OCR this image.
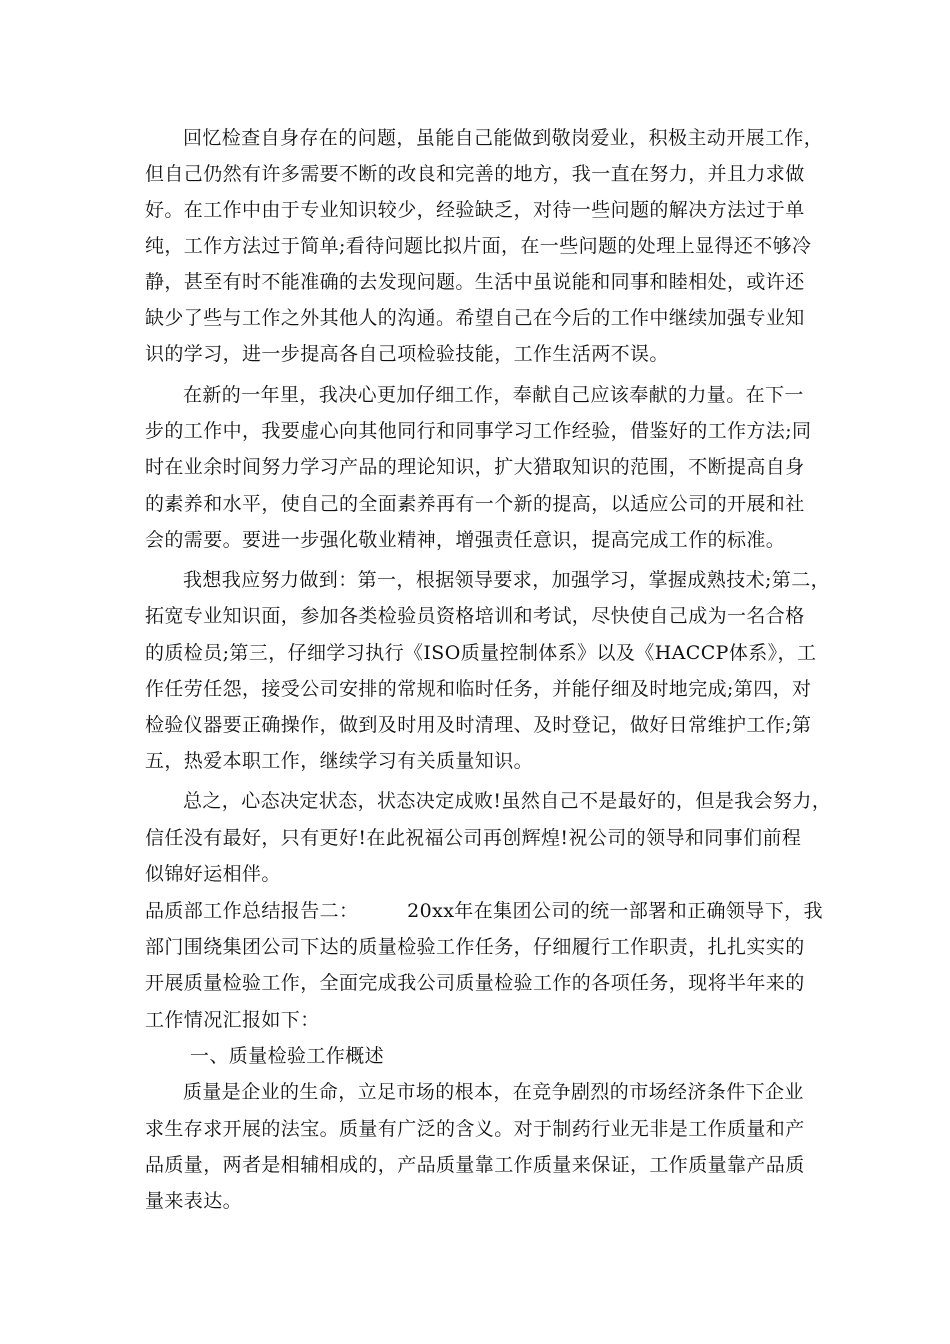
回忆检查自身存在的问题，虽能自己能做到敬岗爱业，积极主动开展工作，
但自己仍然有许多需要不断的改良和完善的地方，我一直在努力，并且力求做
好。在工作中由于专业知识较少，经验缺乏，对待一些问题的解决方法过于单
纯，工作方法过于简单;看待问题比拟片面，在一些问题的处理上显得还不够冷
静，甚至有时不能准确的去发现问题。生活中虽说能和同事和睦相处，或许还
缺少了些与工作之外其他人的沟通。希望自己在今后的工作中继续加强专业知
识的学习，进一步提高各自己项检验技能，工作生活两不误。
在新的一年里，我决心更加仔细工作，奉献自己应该奉献的力量。在下一
步的工作中，我要虚心向其他同行和同事学习工作经验，借鉴好的工作方法;同
时在业余时间努力学习产品的理论知识，扩大猎取知识的范围，不断提高自身
的素养和水平，使自己的全面素养再有一个新的提高，以适应公司的开展和社
会的需要。要进一步强化敬业精神，增强责任意识，提高完成工作的标准。
我想我应努力做到：第一，根据领导要求，加强学习，掌握成熟技术;第二，
拓宽专业知识面，参加各类检验员资格培训和考试，尽快使自己成为一名合格
的质检员;第三，仔细学习执行《ISO质量控制体系》以及《HACCP体系》，工
作任劳任怨，接受公司安排的常规和临时任务，并能仔细及时地完成;第四，对
检验仪器要正确操作，做到及时用及时清理、及时登记，做好日常维护工作;第
五，热爱本职工作，继续学习有关质量知识。
总之，心态决定状态，状态决定成败!虽然自己不是最好的，但是我会努力，
信任没有最好，只有更好!在此祝福公司再创辉煌!祝公司的领导和同事们前程
似锦好运相伴。
品质部工作总结报告二：　　　20xx年在集团公司的统一部署和正确领导下，我
部门围绕集团公司下达的质量检验工作任务，仔细履行工作职责，扎扎实实的
开展质量检验工作，全面完成我公司质量检验工作的各项任务，现将半年来的
工作情况汇报如下：
一、质量检验工作概述
质量是企业的生命，立足市场的根本，在竞争剧烈的市场经济条件下企业
求生存求开展的法宝。质量有广泛的含义。对于制药行业无非是工作质量和产
品质量，两者是相辅相成的，产品质量靠工作质量来保证，工作质量靠产品质
量来表达。
